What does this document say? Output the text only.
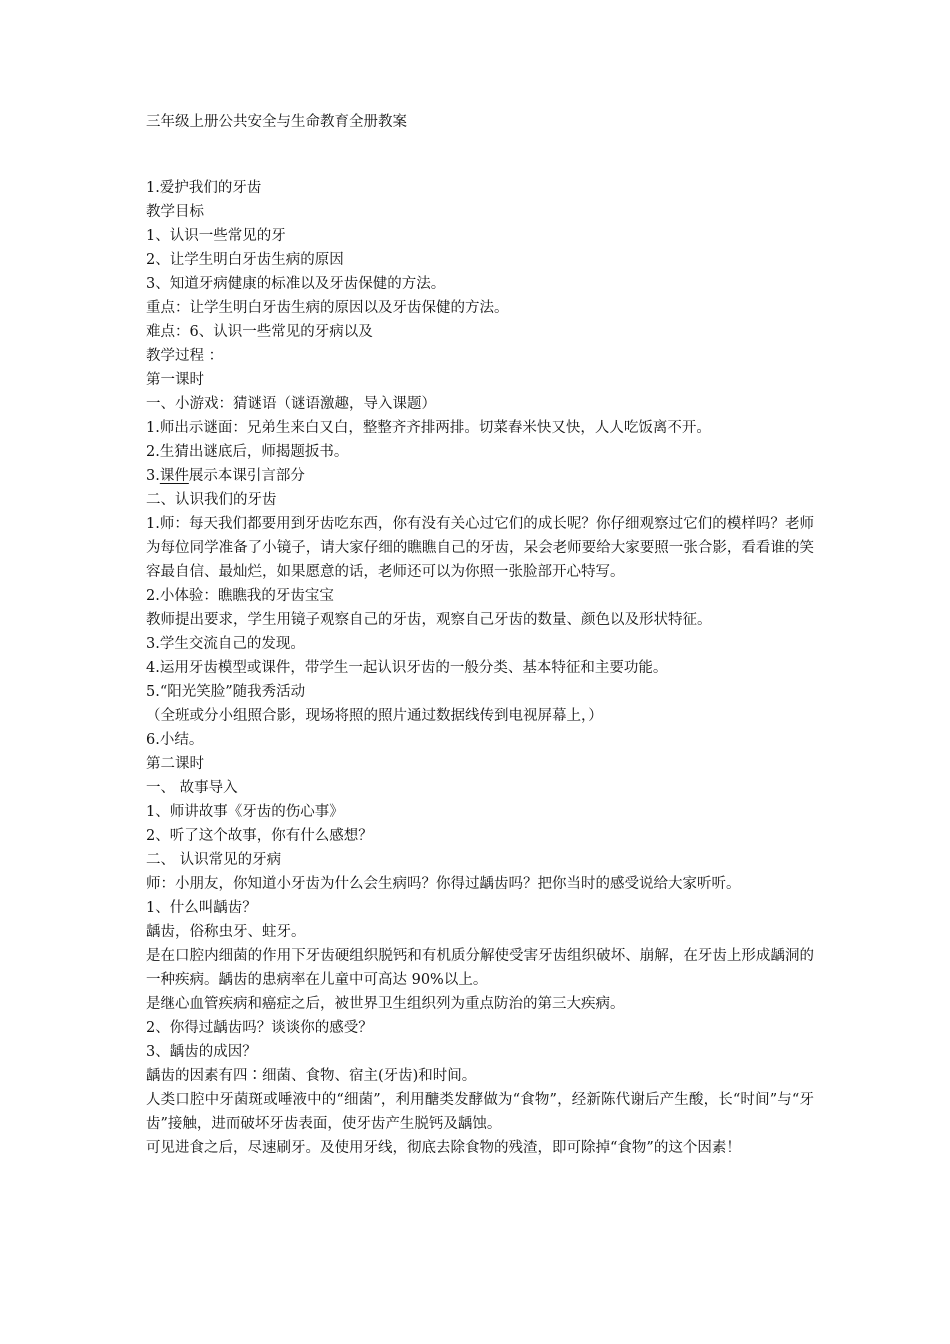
三年级上册公共安全与生命教育全册教案
1.爱护我们的牙齿
教学目标
1、认识一些常见的牙
2、让学生明白牙齿生病的原因
3、知道牙病健康的标准以及牙齿保健的方法。
重点：让学生明白牙齿生病的原因以及牙齿保健的方法。
难点：6、认识一些常见的牙病以及
教学过程 ：
第一课时
一、小游戏：猜谜语（谜语激趣，导入课题）
1.师出示谜面：兄弟生来白又白，整整齐齐排两排。切菜舂米快又快，人人吃饭离不开。
2.生猜出谜底后，师揭题扳书。
3.课件展示本课引言部分
二、认识我们的牙齿
1.师：每天我们都要用到牙齿吃东西，你有没有关心过它们的成长呢？你仔细观察过它们的模样吗？老师为每位同学准备了小镜子，请大家仔细的瞧瞧自己的牙齿，呆会老师要给大家要照一张合影，看看谁的笑容最自信、最灿烂，如果愿意的话，老师还可以为你照一张脸部开心特写。
2.小体验：瞧瞧我的牙齿宝宝
教师提出要求，学生用镜子观察自己的牙齿，观察自己牙齿的数量、颜色以及形状特征。
3.学生交流自己的发现。
4.运用牙齿模型或课件，带学生一起认识牙齿的一般分类、基本特征和主要功能。
5.“阳光笑脸”随我秀活动
（全班或分小组照合影，现场将照的照片通过数据线传到电视屏幕上，）
6.小结。
第二课时
一、 故事导入
1、师讲故事《牙齿的伤心事》
2、听了这个故事，你有什么感想？
二、 认识常见的牙病
师：小朋友，你知道小牙齿为什么会生病吗？你得过龋齿吗？把你当时的感受说给大家听听。
1、什么叫龋齿？
龋齿，俗称虫牙、蛀牙。
是在口腔内细菌的作用下牙齿硬组织脱钙和有机质分解使受害牙齿组织破坏、崩解，在牙齿上形成龋洞的一种疾病。龋齿的患病率在儿童中可高达 90%以上。
是继心血管疾病和癌症之后，被世界卫生组织列为重点防治的第三大疾病。
2、你得过龋齿吗？谈谈你的感受？
3、龋齿的成因？
龋齿的因素有四∶细菌、食物、宿主(牙齿)和时间。
人类口腔中牙菌斑或唾液中的“细菌”，利用醣类发酵做为“食物”，经新陈代谢后产生酸，长“时间”与“牙齿”接触，进而破坏牙齿表面，使牙齿产生脱钙及龋蚀。
可见进食之后，尽速刷牙。及使用牙线，彻底去除食物的残渣，即可除掉“食物”的这个因素！
